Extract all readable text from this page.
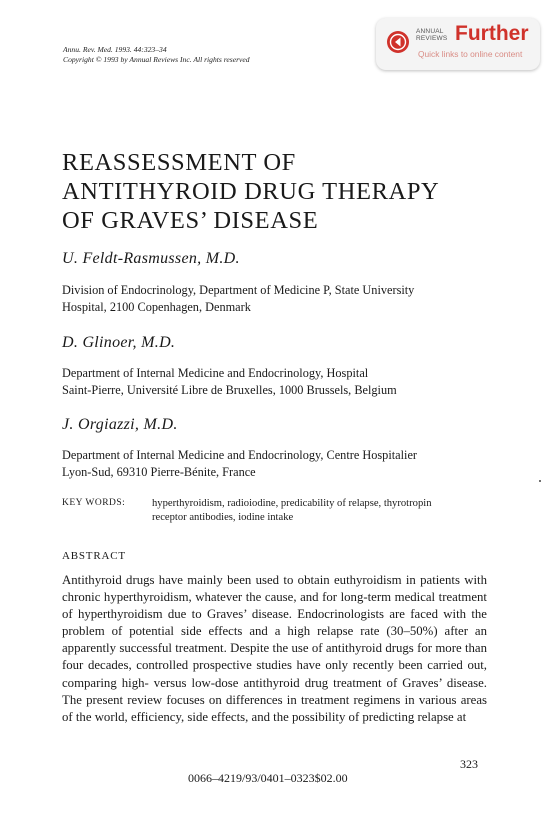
Annu. Rev. Med. 1993. 44:323–34
Copyright © 1993 by Annual Reviews Inc. All rights reserved
ANNUAL
REVIEWS Further
Quick links to online content
REASSESSMENT OF
ANTITHYROID DRUG THERAPY
OF GRAVES’ DISEASE
U. Feldt-Rasmussen, M.D.
Division of Endocrinology, Department of Medicine P, State University
Hospital, 2100 Copenhagen, Denmark
D. Glinoer, M.D.
Department of Internal Medicine and Endocrinology, Hospital
Saint-Pierre, Université Libre de Bruxelles, 1000 Brussels, Belgium
J. Orgiazzi, M.D.
Department of Internal Medicine and Endocrinology, Centre Hospitalier
Lyon-Sud, 69310 Pierre-Bénite, France
KEY WORDS:	hyperthyroidism, radioiodine, predicability of relapse, thyrotropin
receptor antibodies, iodine intake
ABSTRACT

Antithyroid drugs have mainly been used to obtain euthyroidism in patients with chronic hyperthyroidism, whatever the cause, and for long-term medical treatment of hyperthyroidism due to Graves’ disease. Endocrinologists are faced with the problem of potential side effects and a high relapse rate (30–50%) after an apparently successful treatment. Despite the use of antithyroid drugs for more than four decades, controlled prospective studies have only recently been carried out, comparing high- versus low-dose antithyroid drug treatment of Graves’ disease. The present review focuses on differences in treatment regimens in various areas of the world, efficiency, side effects, and the possibility of predicting relapse at

323
0066–4219/93/0401–0323$02.00
